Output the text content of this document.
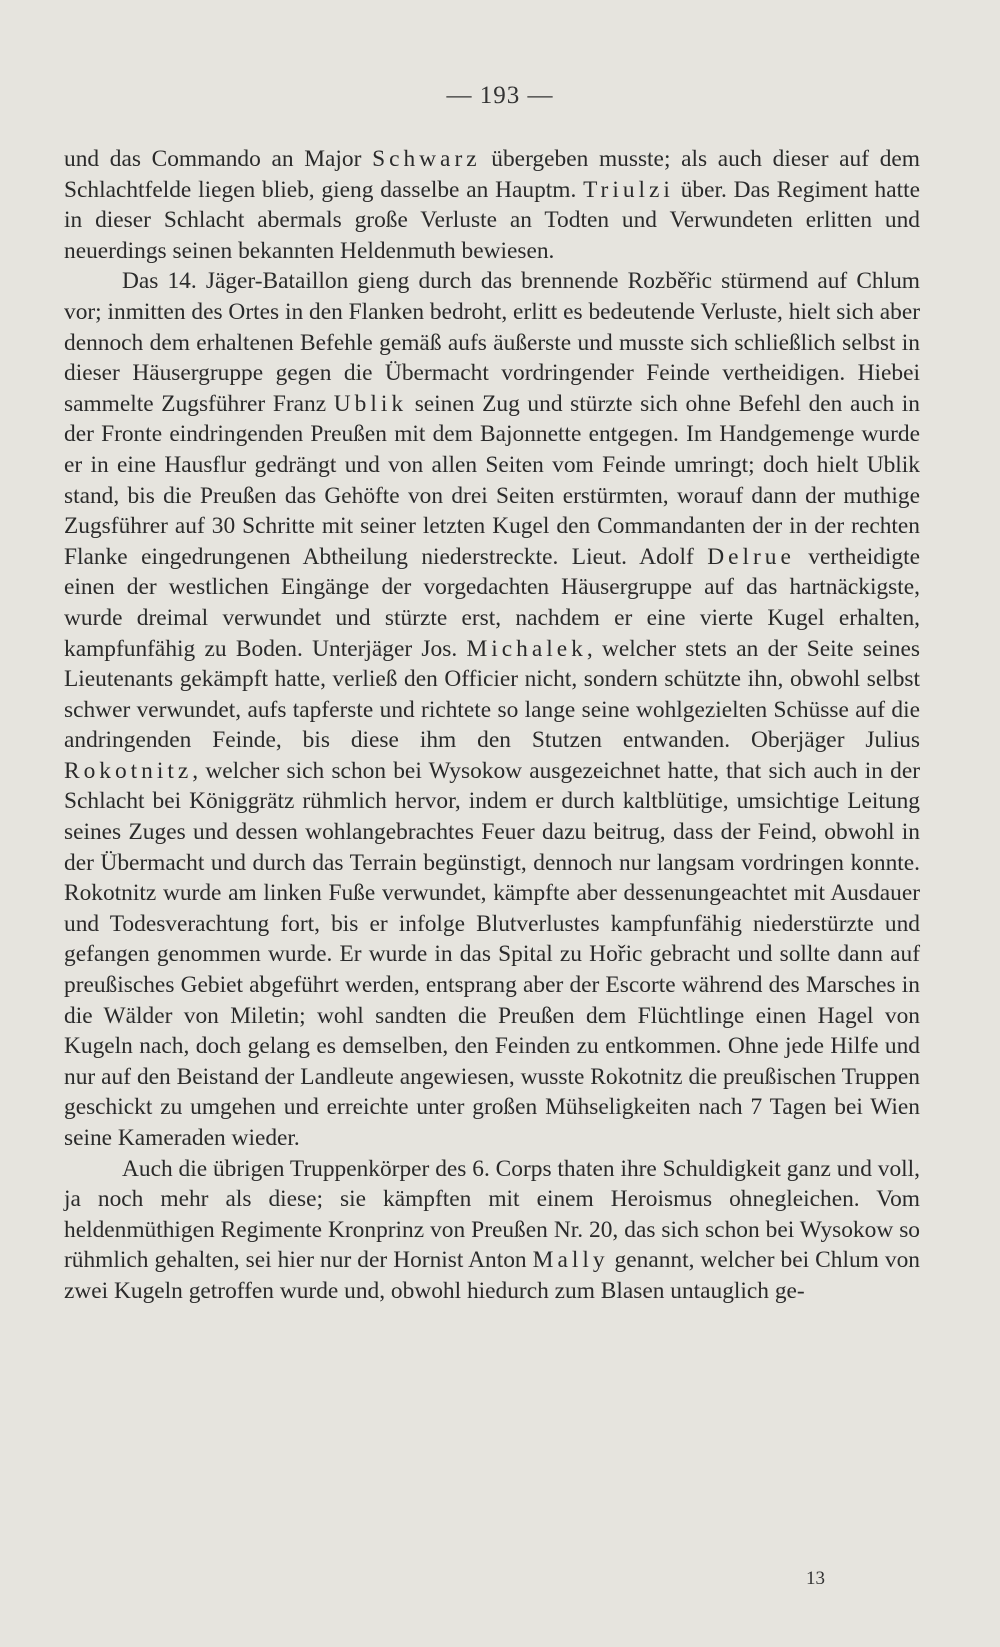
— 193 —

und das Commando an Major Schwarz übergeben musste; als auch dieser auf dem Schlachtfelde liegen blieb, gieng dasselbe an Hauptm. Triulzi über. Das Regiment hatte in dieser Schlacht abermals große Verluste an Todten und Verwundeten erlitten und neuerdings seinen bekannten Heldenmuth bewiesen.

Das 14. Jäger-Bataillon gieng durch das brennende Rozběřic stürmend auf Chlum vor; inmitten des Ortes in den Flanken bedroht, erlitt es bedeutende Verluste, hielt sich aber dennoch dem erhaltenen Befehle gemäß aufs äußerste und musste sich schließlich selbst in dieser Häusergruppe gegen die Übermacht vordringender Feinde vertheidigen. Hiebei sammelte Zugsführer Franz Ublik seinen Zug und stürzte sich ohne Befehl den auch in der Fronte eindringenden Preußen mit dem Bajonnette entgegen. Im Handgemenge wurde er in eine Hausflur gedrängt und von allen Seiten vom Feinde umringt; doch hielt Ublik stand, bis die Preußen das Gehöfte von drei Seiten erstürmten, worauf dann der muthige Zugsführer auf 30 Schritte mit seiner letzten Kugel den Commandanten der in der rechten Flanke eingedrungenen Abtheilung niederstreckte. Lieut. Adolf Delrue vertheidigte einen der westlichen Eingänge der vorgedachten Häusergruppe auf das hartnäckigste, wurde dreimal verwundet und stürzte erst, nachdem er eine vierte Kugel erhalten, kampfunfähig zu Boden. Unterjäger Jos. Michalek, welcher stets an der Seite seines Lieutenants gekämpft hatte, verließ den Officier nicht, sondern schützte ihn, obwohl selbst schwer verwundet, aufs tapferste und richtete so lange seine wohlgezielten Schüsse auf die andringenden Feinde, bis diese ihm den Stutzen entwanden. Oberjäger Julius Rokotnitz, welcher sich schon bei Wysokow ausgezeichnet hatte, that sich auch in der Schlacht bei Königgrätz rühmlich hervor, indem er durch kaltblütige, umsichtige Leitung seines Zuges und dessen wohlangebrachtes Feuer dazu beitrug, dass der Feind, obwohl in der Übermacht und durch das Terrain begünstigt, dennoch nur langsam vordringen konnte. Rokotnitz wurde am linken Fuße verwundet, kämpfte aber dessenungeachtet mit Ausdauer und Todesverachtung fort, bis er infolge Blutverlustes kampfunfähig niederstürzte und gefangen genommen wurde. Er wurde in das Spital zu Hořic gebracht und sollte dann auf preußisches Gebiet abgeführt werden, entsprang aber der Escorte während des Marsches in die Wälder von Miletin; wohl sandten die Preußen dem Flüchtlinge einen Hagel von Kugeln nach, doch gelang es demselben, den Feinden zu entkommen. Ohne jede Hilfe und nur auf den Beistand der Landleute angewiesen, wusste Rokotnitz die preußischen Truppen geschickt zu umgehen und erreichte unter großen Mühseligkeiten nach 7 Tagen bei Wien seine Kameraden wieder.

Auch die übrigen Truppenkörper des 6. Corps thaten ihre Schuldigkeit ganz und voll, ja noch mehr als diese; sie kämpften mit einem Heroismus ohnegleichen. Vom heldenmüthigen Regimente Kronprinz von Preußen Nr. 20, das sich schon bei Wysokow so rühmlich gehalten, sei hier nur der Hornist Anton Mally genannt, welcher bei Chlum von zwei Kugeln getroffen wurde und, obwohl hiedurch zum Blasen untauglich ge-

13
